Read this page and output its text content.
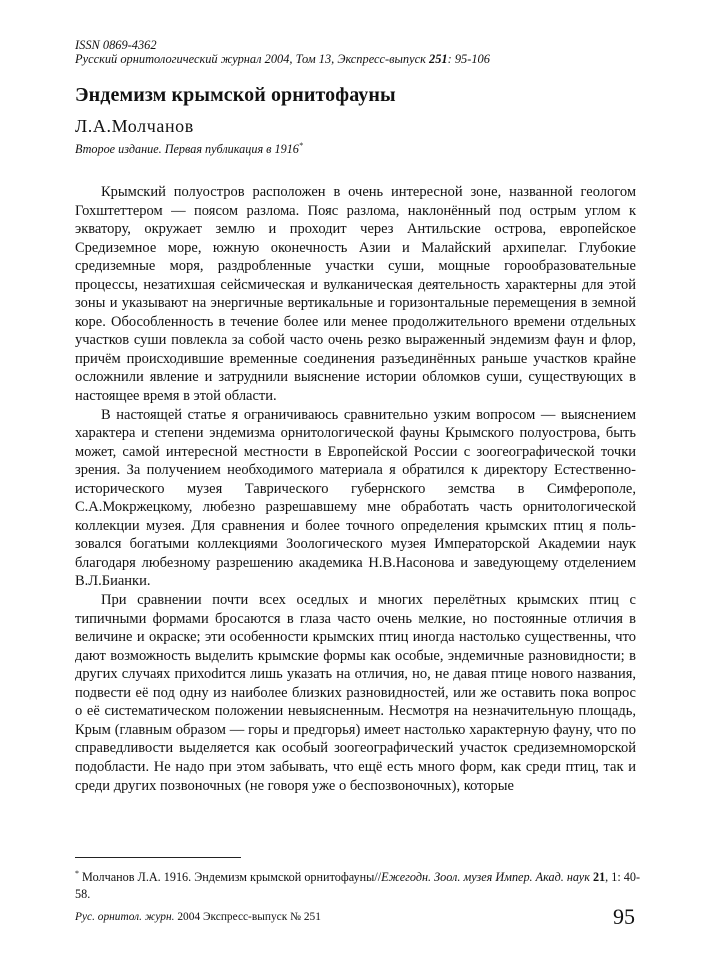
ISSN 0869-4362
Русский орнитологический журнал 2004, Том 13, Экспресс-выпуск 251: 95-106
Эндемизм крымской орнитофауны
Л.А.Молчанов
Второе издание. Первая публикация в 1916*

Крымский полуостров расположен в очень интересной зоне, названной геологом Гохштеттером — поясом разлома. Пояс разлома, наклонённый под острым углом к экватору, окружает землю и проходит через Антильские острова, европейское Средиземное море, южную оконечность Азии и Малайский архипелаг. Глубокие средиземные моря, раздробленные участки суши, мощные горообразовательные процессы, незатихшая сейсмическая и вулканическая деятельность характерны для этой зоны и указывают на энергичные вертикальные и горизонтальные перемещения в земной коре. Обособленность в течение более или менее продолжительного времени отдельных участков суши повлекла за собой часто очень резко выраженный эндемизм фаун и флор, причём происходившие временные соединения разъединённых раньше участков крайне осложнили явление и затруднили выяснение истории обломков суши, существующих в настоящее время в этой области.

В настоящей статье я ограничиваюсь сравнительно узким вопросом — выяснением характера и степени эндемизма орнитологической фауны Крымского полуострова, быть может, самой интересной местности в Европейской России с зоогеографической точки зрения. За получением необходимого материала я обратился к директору Естественно-исторического музея Таврического губернского земства в Симферополе, С.А.Мокржецкому, любезно разрешавшему мне обработать часть орнитологической коллекции музея. Для сравнения и более точного определения крымских птиц я пользовался богатыми коллекциями Зоологического музея Императорской Академии наук благодаря любезному разрешению академика Н.В.Насонова и заведующему отделением В.Л.Бианки.

При сравнении почти всех оседлых и многих перелётных крымских птиц с типичными формами бросаются в глаза часто очень мелкие, но постоянные отличия в величине и окраске; эти особенности крымских птиц иногда настолько существенны, что дают возможность выделить крымские формы как особые, эндемичные разновидности; в других случаях прихоdится лишь указать на отличия, но, не давая птице нового названия, подвести её под одну из наиболее близких разновидностей, или же оставить пока вопрос о её систематическом положении невыясненным. Несмотря на незначительную площадь, Крым (главным образом — горы и предгорья) имеет настолько характерную фауну, что по справедливости выделяется как особый зоогеографический участок средиземноморской подобласти. Не надо при этом забывать, что ещё есть много форм, как среди птиц, так и среди других позвоночных (не говоря уже о беспозвоночных), которые

* Молчанов Л.А. 1916. Эндемизм крымской орнитофауны//Ежегодн. Зоол. музея Импер. Акад. наук 21, 1: 40-58.
Рус. орнитол. журн. 2004 Экспресс-выпуск № 251	95
